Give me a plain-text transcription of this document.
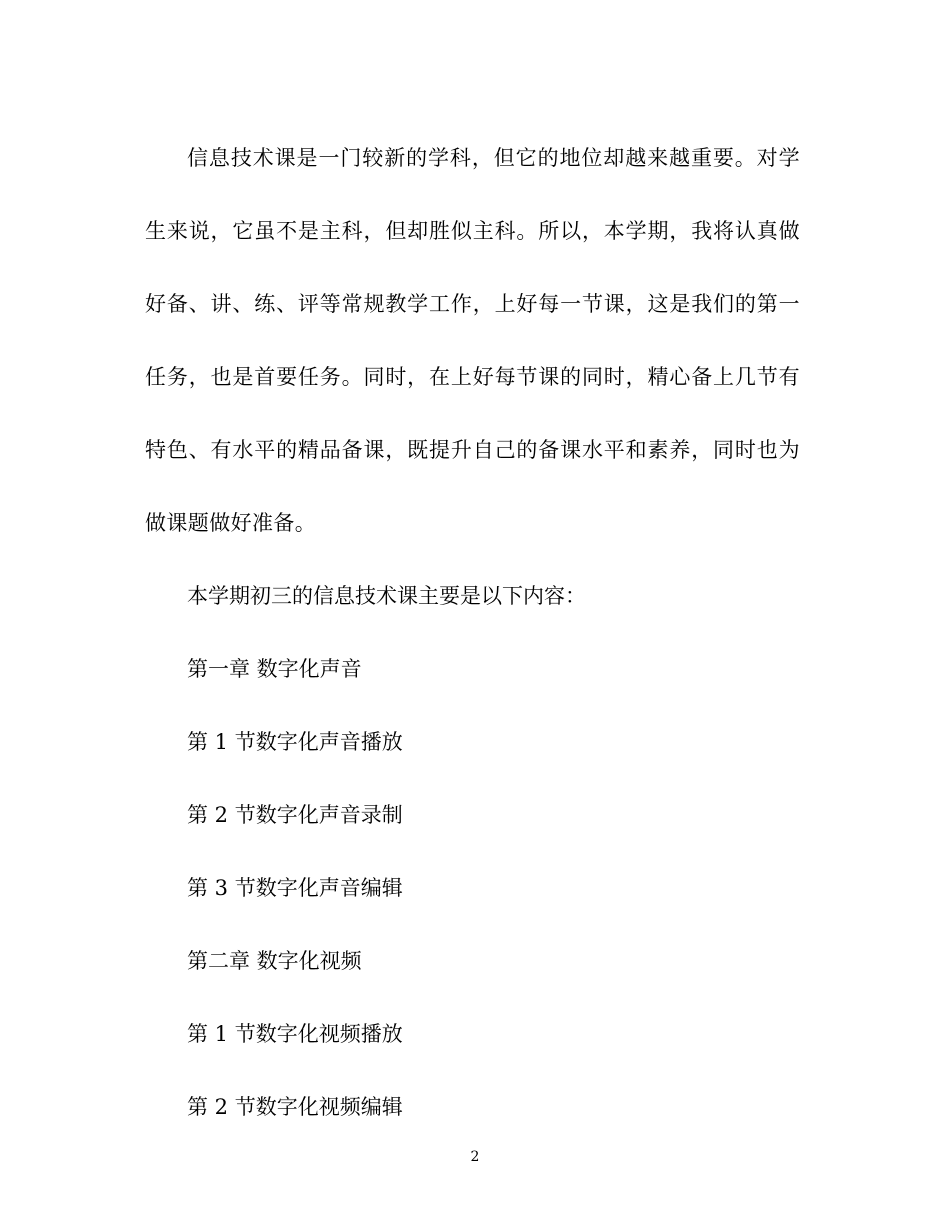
信息技术课是一门较新的学科，但它的地位却越来越重要。对学生来说，它虽不是主科，但却胜似主科。所以，本学期，我将认真做好备、讲、练、评等常规教学工作，上好每一节课，这是我们的第一任务，也是首要任务。同时，在上好每节课的同时，精心备上几节有特色、有水平的精品备课，既提升自己的备课水平和素养，同时也为做课题做好准备。

本学期初三的信息技术课主要是以下内容：

第一章 数字化声音

第 1 节数字化声音播放

第 2 节数字化声音录制

第 3 节数字化声音编辑

第二章 数字化视频

第 1 节数字化视频播放

第 2 节数字化视频编辑

2
